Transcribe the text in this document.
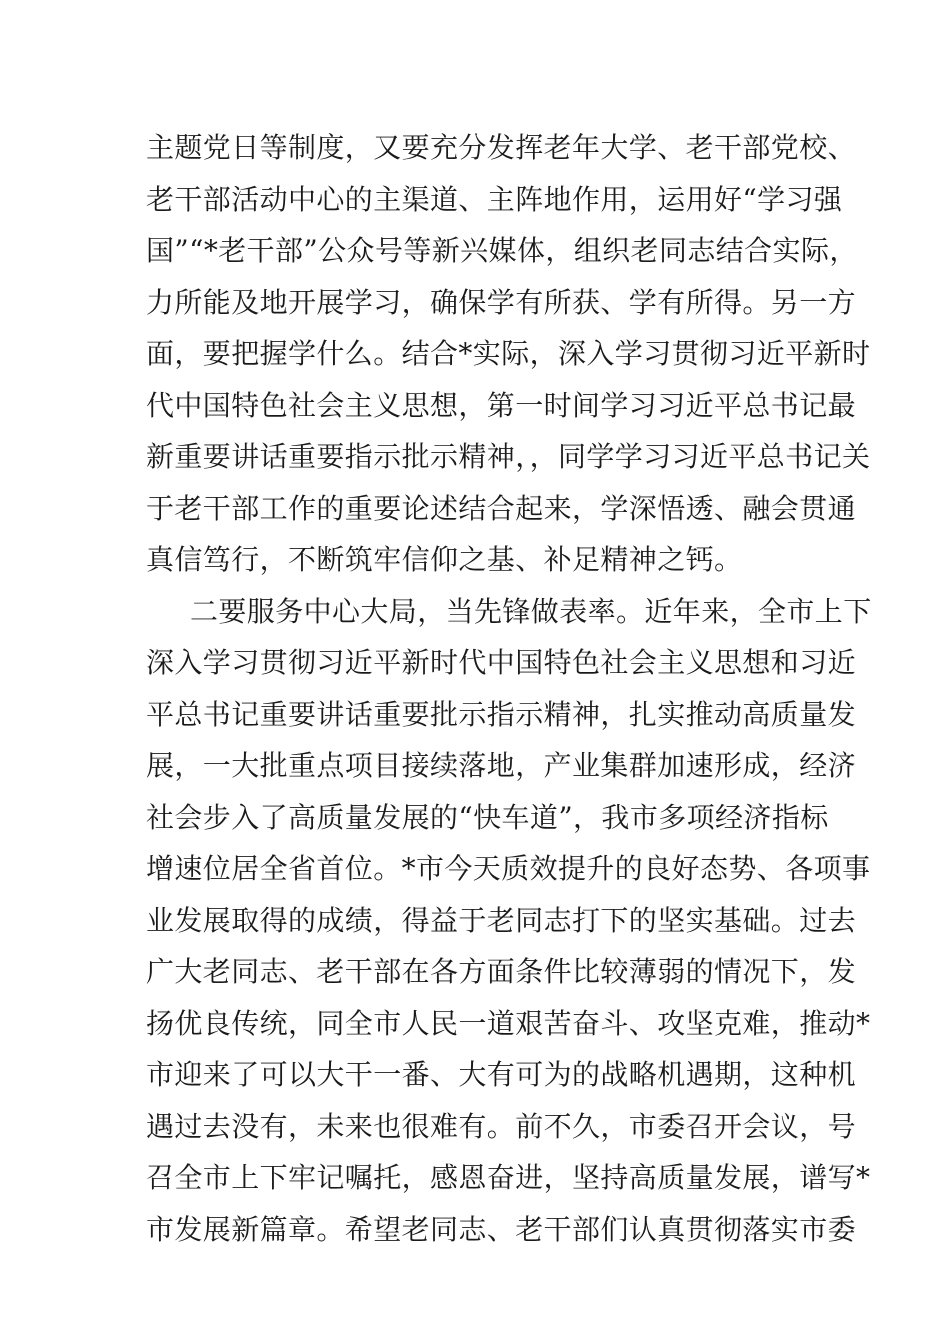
主题党日等制度，又要充分发挥老年大学、老干部党校、
老干部活动中心的主渠道、主阵地作用，运用好“学习强
国”“*老干部”公众号等新兴媒体，组织老同志结合实际，
力所能及地开展学习，确保学有所获、学有所得。另一方
面，要把握学什么。结合*实际，深入学习贯彻习近平新时
代中国特色社会主义思想，第一时间学习习近平总书记最
新重要讲话重要指示批示精神，，同学学习习近平总书记关
于老干部工作的重要论述结合起来，学深悟透、融会贯通
真信笃行，不断筑牢信仰之基、补足精神之钙。
二要服务中心大局，当先锋做表率。近年来，全市上下
深入学习贯彻习近平新时代中国特色社会主义思想和习近
平总书记重要讲话重要批示指示精神，扎实推动高质量发
展，一大批重点项目接续落地，产业集群加速形成，经济
社会步入了高质量发展的“快车道”，我市多项经济指标
增速位居全省首位。*市今天质效提升的良好态势、各项事
业发展取得的成绩，得益于老同志打下的坚实基础。过去
广大老同志、老干部在各方面条件比较薄弱的情况下，发
扬优良传统，同全市人民一道艰苦奋斗、攻坚克难，推动*
市迎来了可以大干一番、大有可为的战略机遇期，这种机
遇过去没有，未来也很难有。前不久，市委召开会议，号
召全市上下牢记嘱托，感恩奋进，坚持高质量发展，谱写*
市发展新篇章。希望老同志、老干部们认真贯彻落实市委
